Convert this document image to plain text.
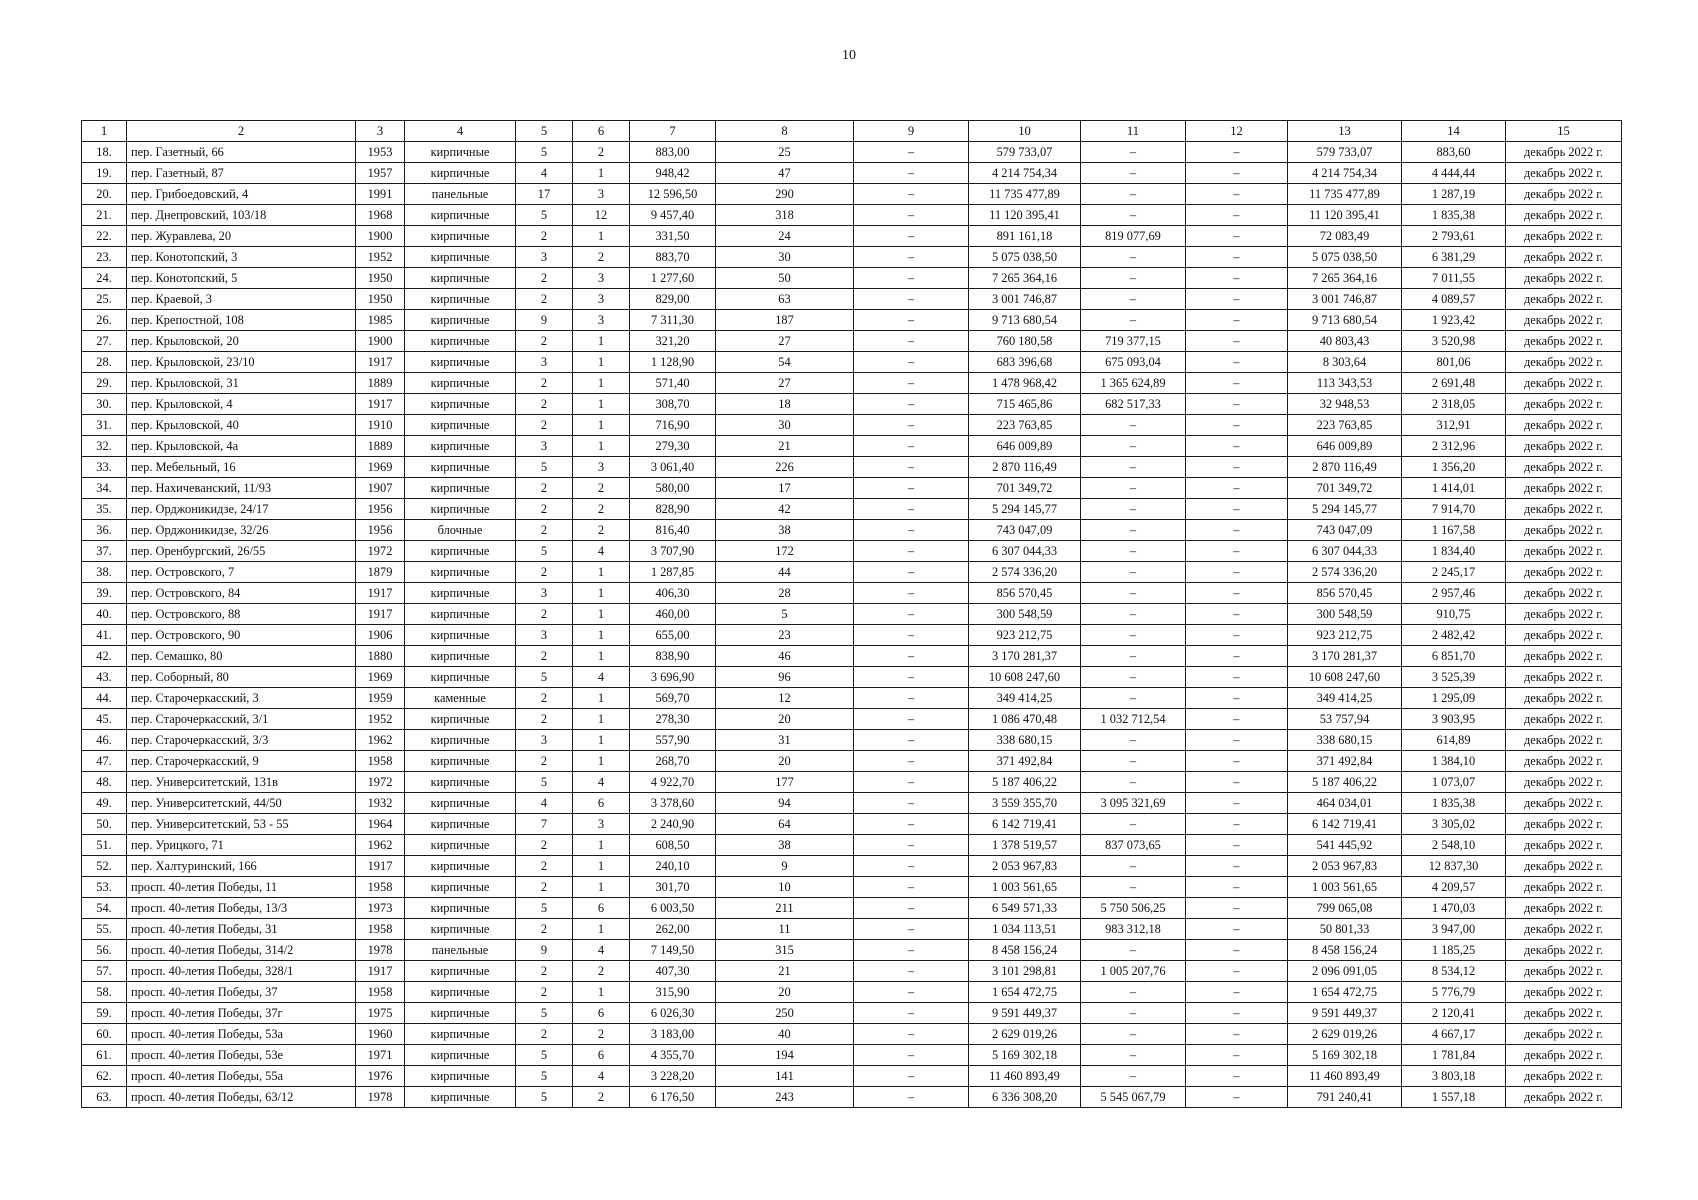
10
1	2	3	4	5	6	7	8	9	10	11	12	13	14	15
18.	пер. Газетный, 66	1953	кирпичные	5	2	883,00	25	–	579 733,07	–	–	579 733,07	883,60	декабрь 2022 г.
19.	пер. Газетный, 87	1957	кирпичные	4	1	948,42	47	–	4 214 754,34	–	–	4 214 754,34	4 444,44	декабрь 2022 г.
20.	пер. Грибоедовский, 4	1991	панельные	17	3	12 596,50	290	–	11 735 477,89	–	–	11 735 477,89	1 287,19	декабрь 2022 г.
21.	пер. Днепровский, 103/18	1968	кирпичные	5	12	9 457,40	318	–	11 120 395,41	–	–	11 120 395,41	1 835,38	декабрь 2022 г.
22.	пер. Журавлева, 20	1900	кирпичные	2	1	331,50	24	–	891 161,18	819 077,69	–	72 083,49	2 793,61	декабрь 2022 г.
23.	пер. Конотопский, 3	1952	кирпичные	3	2	883,70	30	–	5 075 038,50	–	–	5 075 038,50	6 381,29	декабрь 2022 г.
24.	пер. Конотопский, 5	1950	кирпичные	2	3	1 277,60	50	–	7 265 364,16	–	–	7 265 364,16	7 011,55	декабрь 2022 г.
25.	пер. Краевой, 3	1950	кирпичные	2	3	829,00	63	–	3 001 746,87	–	–	3 001 746,87	4 089,57	декабрь 2022 г.
26.	пер. Крепостной, 108	1985	кирпичные	9	3	7 311,30	187	–	9 713 680,54	–	–	9 713 680,54	1 923,42	декабрь 2022 г.
27.	пер. Крыловской, 20	1900	кирпичные	2	1	321,20	27	–	760 180,58	719 377,15	–	40 803,43	3 520,98	декабрь 2022 г.
28.	пер. Крыловской, 23/10	1917	кирпичные	3	1	1 128,90	54	–	683 396,68	675 093,04	–	8 303,64	801,06	декабрь 2022 г.
29.	пер. Крыловской, 31	1889	кирпичные	2	1	571,40	27	–	1 478 968,42	1 365 624,89	–	113 343,53	2 691,48	декабрь 2022 г.
30.	пер. Крыловской, 4	1917	кирпичные	2	1	308,70	18	–	715 465,86	682 517,33	–	32 948,53	2 318,05	декабрь 2022 г.
31.	пер. Крыловской, 40	1910	кирпичные	2	1	716,90	30	–	223 763,85	–	–	223 763,85	312,91	декабрь 2022 г.
32.	пер. Крыловской, 4а	1889	кирпичные	3	1	279,30	21	–	646 009,89	–	–	646 009,89	2 312,96	декабрь 2022 г.
33.	пер. Мебельный, 16	1969	кирпичные	5	3	3 061,40	226	–	2 870 116,49	–	–	2 870 116,49	1 356,20	декабрь 2022 г.
34.	пер. Нахичеванский, 11/93	1907	кирпичные	2	2	580,00	17	–	701 349,72	–	–	701 349,72	1 414,01	декабрь 2022 г.
35.	пер. Орджоникидзе, 24/17	1956	кирпичные	2	2	828,90	42	–	5 294 145,77	–	–	5 294 145,77	7 914,70	декабрь 2022 г.
36.	пер. Орджоникидзе, 32/26	1956	блочные	2	2	816,40	38	–	743 047,09	–	–	743 047,09	1 167,58	декабрь 2022 г.
37.	пер. Оренбургский, 26/55	1972	кирпичные	5	4	3 707,90	172	–	6 307 044,33	–	–	6 307 044,33	1 834,40	декабрь 2022 г.
38.	пер. Островского, 7	1879	кирпичные	2	1	1 287,85	44	–	2 574 336,20	–	–	2 574 336,20	2 245,17	декабрь 2022 г.
39.	пер. Островского, 84	1917	кирпичные	3	1	406,30	28	–	856 570,45	–	–	856 570,45	2 957,46	декабрь 2022 г.
40.	пер. Островского, 88	1917	кирпичные	2	1	460,00	5	–	300 548,59	–	–	300 548,59	910,75	декабрь 2022 г.
41.	пер. Островского, 90	1906	кирпичные	3	1	655,00	23	–	923 212,75	–	–	923 212,75	2 482,42	декабрь 2022 г.
42.	пер. Семашко, 80	1880	кирпичные	2	1	838,90	46	–	3 170 281,37	–	–	3 170 281,37	6 851,70	декабрь 2022 г.
43.	пер. Соборный, 80	1969	кирпичные	5	4	3 696,90	96	–	10 608 247,60	–	–	10 608 247,60	3 525,39	декабрь 2022 г.
44.	пер. Старочеркасский, 3	1959	каменные	2	1	569,70	12	–	349 414,25	–	–	349 414,25	1 295,09	декабрь 2022 г.
45.	пер. Старочеркасский, 3/1	1952	кирпичные	2	1	278,30	20	–	1 086 470,48	1 032 712,54	–	53 757,94	3 903,95	декабрь 2022 г.
46.	пер. Старочеркасский, 3/3	1962	кирпичные	3	1	557,90	31	–	338 680,15	–	–	338 680,15	614,89	декабрь 2022 г.
47.	пер. Старочеркасский, 9	1958	кирпичные	2	1	268,70	20	–	371 492,84	–	–	371 492,84	1 384,10	декабрь 2022 г.
48.	пер. Университетский, 131в	1972	кирпичные	5	4	4 922,70	177	–	5 187 406,22	–	–	5 187 406,22	1 073,07	декабрь 2022 г.
49.	пер. Университетский, 44/50	1932	кирпичные	4	6	3 378,60	94	–	3 559 355,70	3 095 321,69	–	464 034,01	1 835,38	декабрь 2022 г.
50.	пер. Университетский, 53 - 55	1964	кирпичные	7	3	2 240,90	64	–	6 142 719,41	–	–	6 142 719,41	3 305,02	декабрь 2022 г.
51.	пер. Урицкого, 71	1962	кирпичные	2	1	608,50	38	–	1 378 519,57	837 073,65	–	541 445,92	2 548,10	декабрь 2022 г.
52.	пер. Халтуринский, 166	1917	кирпичные	2	1	240,10	9	–	2 053 967,83	–	–	2 053 967,83	12 837,30	декабрь 2022 г.
53.	просп. 40-летия Победы, 11	1958	кирпичные	2	1	301,70	10	–	1 003 561,65	–	–	1 003 561,65	4 209,57	декабрь 2022 г.
54.	просп. 40-летия Победы, 13/3	1973	кирпичные	5	6	6 003,50	211	–	6 549 571,33	5 750 506,25	–	799 065,08	1 470,03	декабрь 2022 г.
55.	просп. 40-летия Победы, 31	1958	кирпичные	2	1	262,00	11	–	1 034 113,51	983 312,18	–	50 801,33	3 947,00	декабрь 2022 г.
56.	просп. 40-летия Победы, 314/2	1978	панельные	9	4	7 149,50	315	–	8 458 156,24	–	–	8 458 156,24	1 185,25	декабрь 2022 г.
57.	просп. 40-летия Победы, 328/1	1917	кирпичные	2	2	407,30	21	–	3 101 298,81	1 005 207,76	–	2 096 091,05	8 534,12	декабрь 2022 г.
58.	просп. 40-летия Победы, 37	1958	кирпичные	2	1	315,90	20	–	1 654 472,75	–	–	1 654 472,75	5 776,79	декабрь 2022 г.
59.	просп. 40-летия Победы, 37г	1975	кирпичные	5	6	6 026,30	250	–	9 591 449,37	–	–	9 591 449,37	2 120,41	декабрь 2022 г.
60.	просп. 40-летия Победы, 53а	1960	кирпичные	2	2	3 183,00	40	–	2 629 019,26	–	–	2 629 019,26	4 667,17	декабрь 2022 г.
61.	просп. 40-летия Победы, 53е	1971	кирпичные	5	6	4 355,70	194	–	5 169 302,18	–	–	5 169 302,18	1 781,84	декабрь 2022 г.
62.	просп. 40-летия Победы, 55а	1976	кирпичные	5	4	3 228,20	141	–	11 460 893,49	–	–	11 460 893,49	3 803,18	декабрь 2022 г.
63.	просп. 40-летия Победы, 63/12	1978	кирпичные	5	2	6 176,50	243	–	6 336 308,20	5 545 067,79	–	791 240,41	1 557,18	декабрь 2022 г.
